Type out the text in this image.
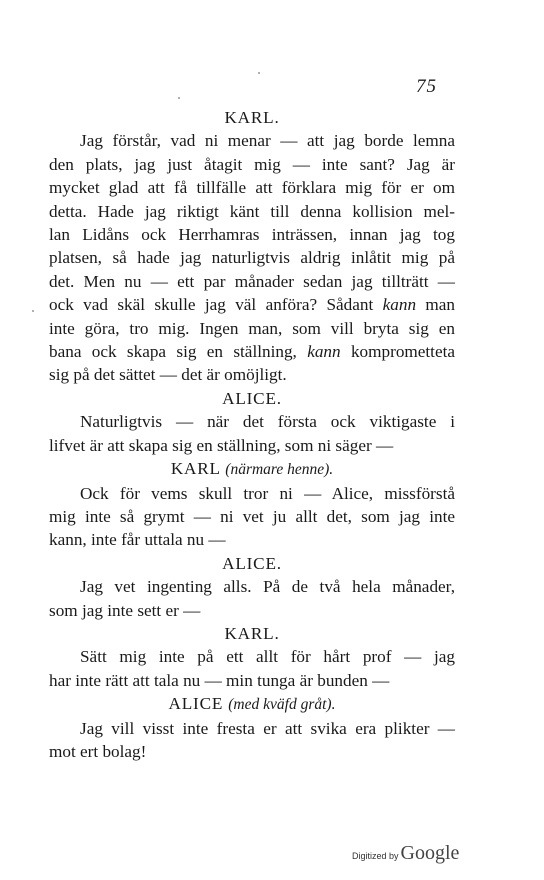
75
KARL.
Jag förstår, vad ni menar — att jag borde lemna
den plats, jag just åtagit mig — inte sant? Jag är
mycket glad att få tillfälle att förklara mig för er om
detta. Hade jag riktigt känt till denna kollision mel-
lan Lidåns ock Herrhamras inträssen, innan jag tog
platsen, så hade jag naturligtvis aldrig inlåtit mig på
det. Men nu — ett par månader sedan jag tillträtt —
ock vad skäl skulle jag väl anföra? Sådant kann man
inte göra, tro mig. Ingen man, som vill bryta sig en
bana ock skapa sig en ställning, kann komprometteta
sig på det sättet — det är omöjligt.
ALICE.
Naturligtvis — när det första ock viktigaste i
lifvet är att skapa sig en ställning, som ni säger —
KARL (närmare henne).
Ock för vems skull tror ni — Alice, missförstå
mig inte så grymt — ni vet ju allt det, som jag inte
kann, inte får uttala nu —
ALICE.
Jag vet ingenting alls. På de två hela månader,
som jag inte sett er —
KARL.
Sätt mig inte på ett allt för hårt prof — jag
har inte rätt att tala nu — min tunga är bunden —
ALICE (med kväfd gråt).
Jag vill visst inte fresta er att svika era plikter —
mot ert bolag!
Digitized by Google
